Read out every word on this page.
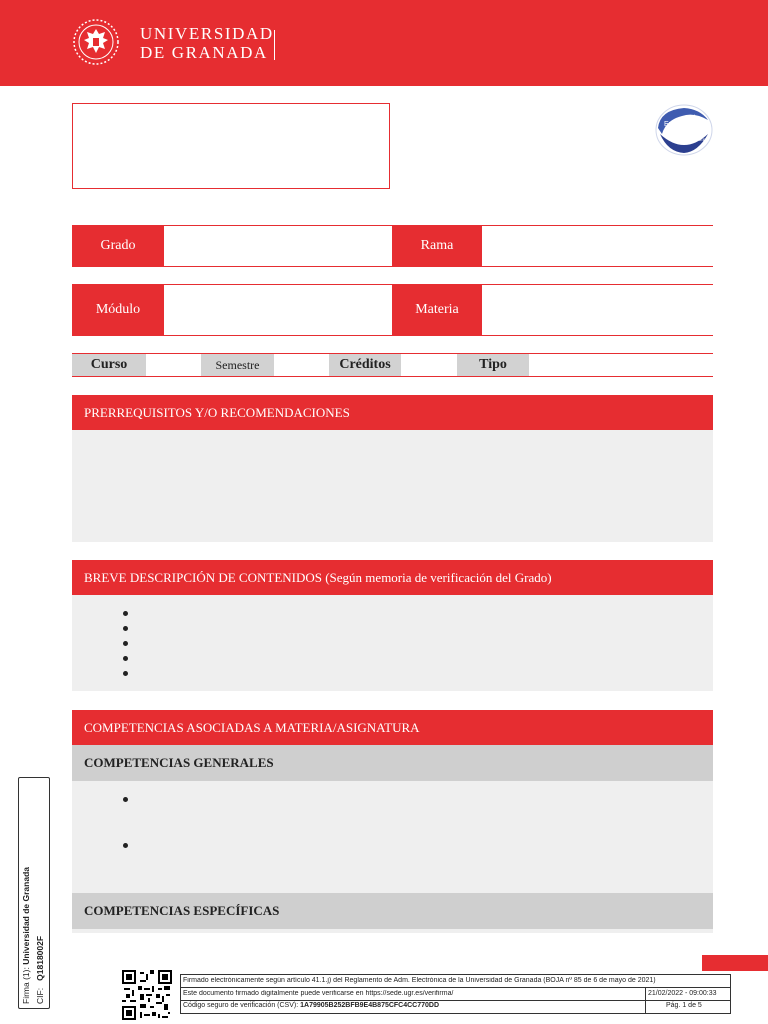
UNIVERSIDAD
DE GRANADA
Euro-Inf
Bachelor
ENAEE
Grado	Rama
Módulo	Materia
Curso	Semestre	Créditos	Tipo
PRERREQUISITOS Y/O RECOMENDACIONES
BREVE DESCRIPCIÓN DE CONTENIDOS (Según memoria de verificación del Grado)
COMPETENCIAS ASOCIADAS A MATERIA/ASIGNATURA
COMPETENCIAS GENERALES
COMPETENCIAS ESPECÍFICAS
Firma (1): Universidad de Granada
CIF:   Q1818002F	Firmado electrónicamente según artículo 41.1.j) del Reglamento de Adm. Electrónica de la Universidad de Granada (BOJA nº 85 de 6 de mayo de 2021)
Este documento firmado digitalmente puede verificarse en https://sede.ugr.es/verifirma/	21/02/2022 - 09:00:33
Código seguro de verificación (CSV): 1A79905B252BFB9E4B875CFC4CC770DD	Pág. 1 de 5
